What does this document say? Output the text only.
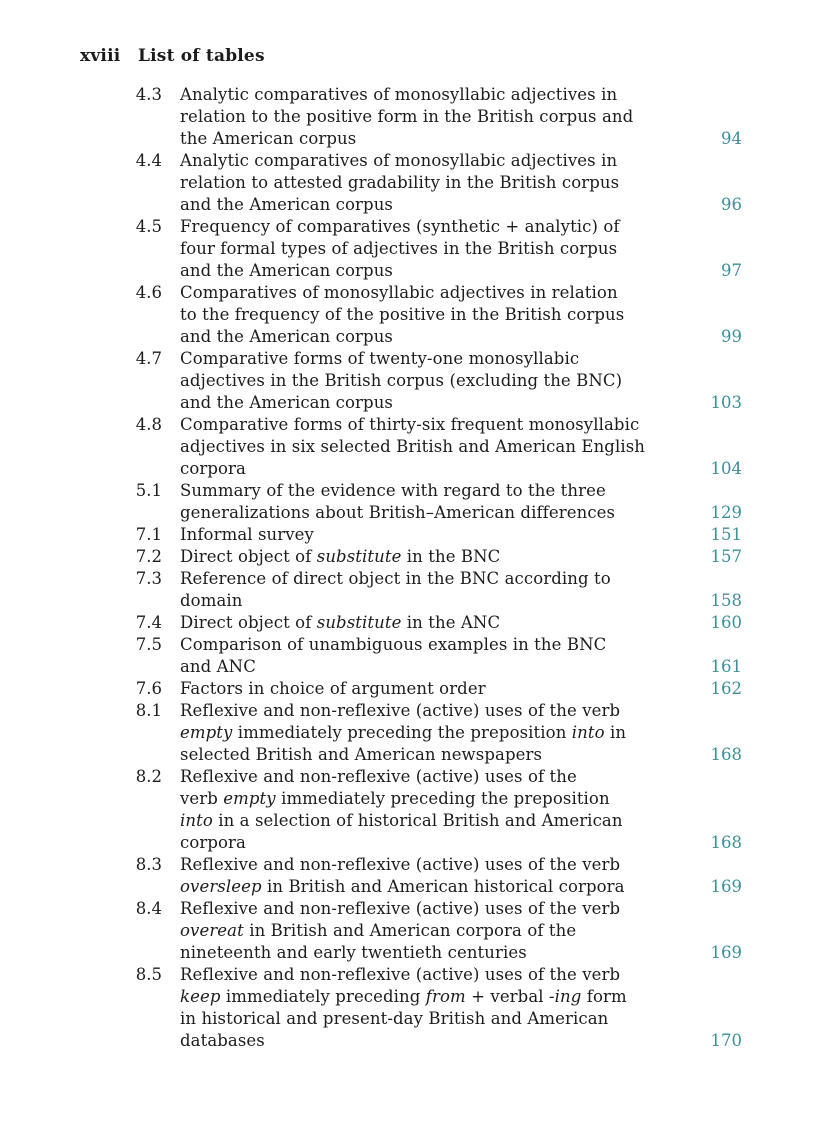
xviii List of tables
4.3 Analytic comparatives of monosyllabic adjectives in
relation to the positive form in the British corpus and
the American corpus	94
4.4 Analytic comparatives of monosyllabic adjectives in
relation to attested gradability in the British corpus
and the American corpus	96
4.5 Frequency of comparatives (synthetic + analytic) of
four formal types of adjectives in the British corpus
and the American corpus	97
4.6 Comparatives of monosyllabic adjectives in relation
to the frequency of the positive in the British corpus
and the American corpus	99
4.7 Comparative forms of twenty-one monosyllabic
adjectives in the British corpus (excluding the BNC)
and the American corpus	103
4.8 Comparative forms of thirty-six frequent monosyllabic
adjectives in six selected British and American English
corpora	104
5.1 Summary of the evidence with regard to the three
generalizations about British–American differences	129
7.1 Informal survey	151
7.2 Direct object of substitute in the BNC	157
7.3 Reference of direct object in the BNC according to
domain	158
7.4 Direct object of substitute in the ANC	160
7.5 Comparison of unambiguous examples in the BNC
and ANC	161
7.6 Factors in choice of argument order	162
8.1 Reflexive and non-reflexive (active) uses of the verb
empty immediately preceding the preposition into in
selected British and American newspapers	168
8.2 Reflexive and non-reflexive (active) uses of the
verb empty immediately preceding the preposition
into in a selection of historical British and American
corpora	168
8.3 Reflexive and non-reflexive (active) uses of the verb
oversleep in British and American historical corpora	169
8.4 Reflexive and non-reflexive (active) uses of the verb
overeat in British and American corpora of the
nineteenth and early twentieth centuries	169
8.5 Reflexive and non-reflexive (active) uses of the verb
keep immediately preceding from + verbal -ing form
in historical and present-day British and American
databases	170
